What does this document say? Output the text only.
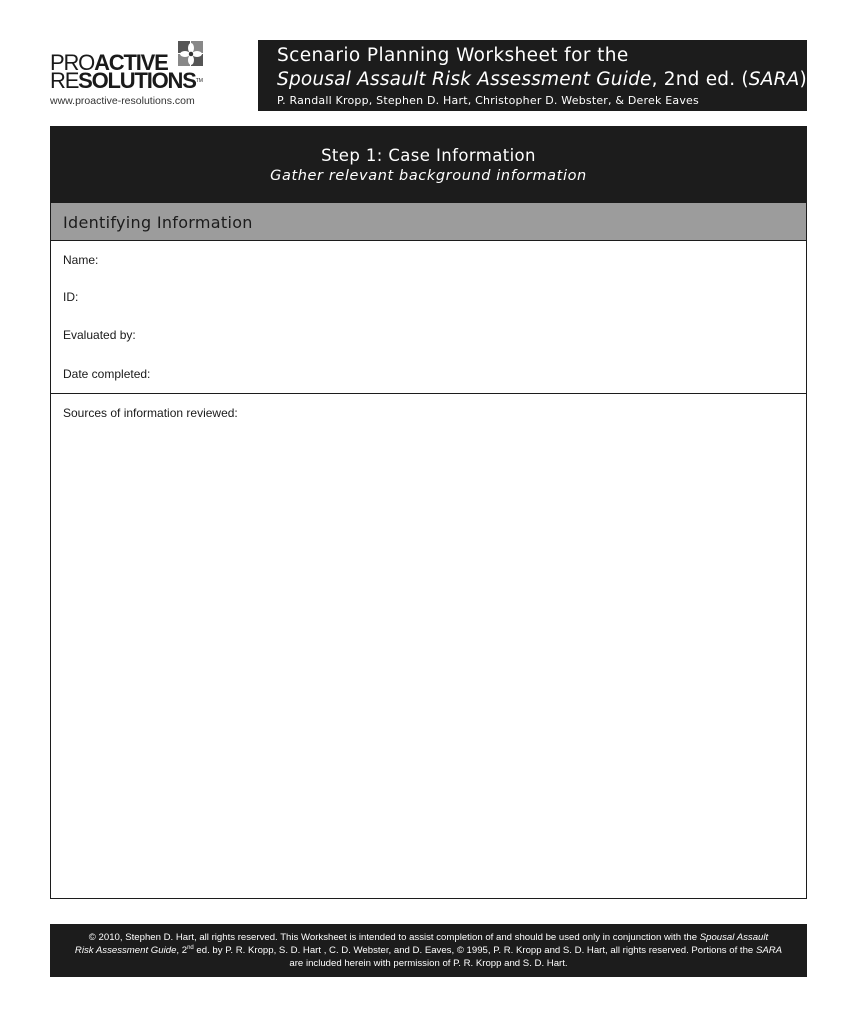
PROACTIVE
RESOLUTIONSTM
www.proactive-resolutions.com
Scenario Planning Worksheet for the
Spousal Assault Risk Assessment Guide, 2nd ed. (SARA)
P. Randall Kropp, Stephen D. Hart, Christopher D. Webster, & Derek Eaves
Step 1: Case Information
Gather relevant background information
Identifying Information
Name:
ID:
Evaluated by:
Date completed:
Sources of information reviewed:
© 2010, Stephen D. Hart, all rights reserved. This Worksheet is intended to assist completion of and should be used only in conjunction with the Spousal Assault
Risk Assessment Guide, 2nd ed. by P. R. Kropp, S. D. Hart , C. D. Webster, and D. Eaves, © 1995, P. R. Kropp and S. D. Hart, all rights reserved. Portions of the SARA
are included herein with permission of P. R. Kropp and S. D. Hart.
